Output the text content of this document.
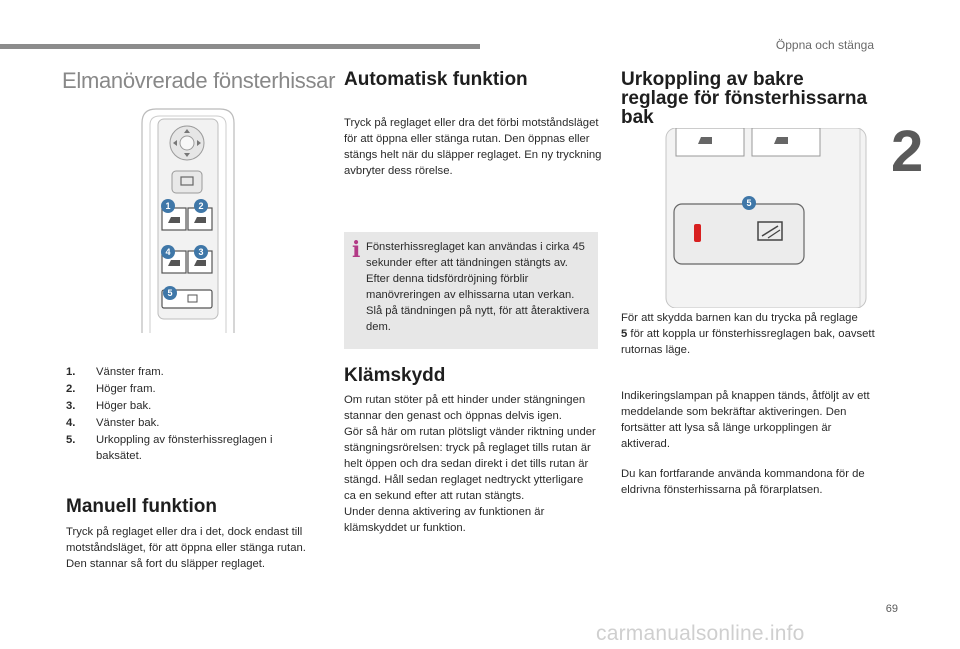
Öppna och stänga
2
Elmanövrerade fönsterhissar
1	2
4	3
5
1. Vänster fram.
2. Höger fram.
3. Höger bak.
4. Vänster bak.
5. Urkoppling av fönsterhissreglagen i baksätet.
Manuell funktion
Tryck på reglaget eller dra i det, dock endast till motståndsläget, för att öppna eller stänga rutan. Den stannar så fort du släpper reglaget.
Automatisk funktion
Tryck på reglaget eller dra det förbi motståndsläget för att öppna eller stänga rutan. Den öppnas eller stängs helt när du släpper reglaget. En ny tryckning avbryter dess rörelse.
i Fönsterhissreglaget kan användas i cirka 45 sekunder efter att tändningen stängts av. Efter denna tidsfördröjning förblir manövreringen av elhissarna utan verkan. Slå på tändningen på nytt, för att återaktivera dem.
Klämskydd
Om rutan stöter på ett hinder under stängningen stannar den genast och öppnas delvis igen.
Gör så här om rutan plötsligt vänder riktning under stängningsrörelsen: tryck på reglaget tills rutan är helt öppen och dra sedan direkt i det tills rutan är stängd. Håll sedan reglaget nedtryckt ytterligare ca en sekund efter att rutan stängts.
Under denna aktivering av funktionen är klämskyddet ur funktion.
Urkoppling av bakre
reglage för fönsterhissarna
bak
5
För att skydda barnen kan du trycka på reglage
5 för att koppla ur fönsterhissreglagen bak, oavsett rutornas läge.
Indikeringslampan på knappen tänds, åtföljt av ett meddelande som bekräftar aktiveringen. Den fortsätter att lysa så länge urkopplingen är aktiverad.
Du kan fortfarande använda kommandona för de eldrivna fönsterhissarna på förarplatsen.
69
carmanualsonline.info
